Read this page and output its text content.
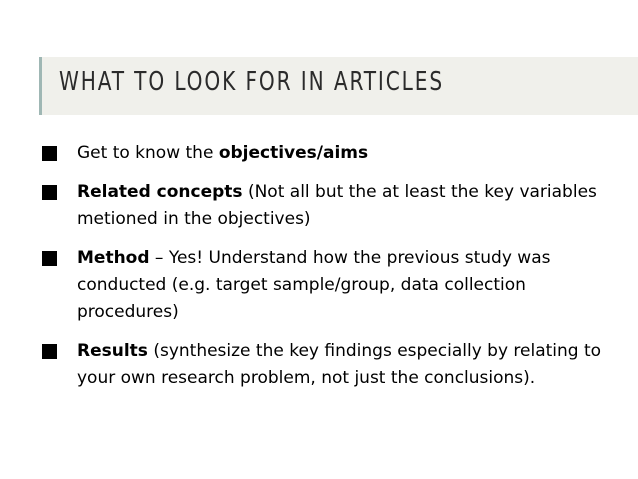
WHAT TO LOOK FOR IN ARTICLES
Get to know the objectives/aims
Related concepts (Not all but the at least the key variables metioned in the objectives)
Method – Yes! Understand how the previous study was conducted (e.g. target sample/group, data collection procedures)
Results (synthesize the key findings especially by relating to your own research problem, not just the conclusions).
